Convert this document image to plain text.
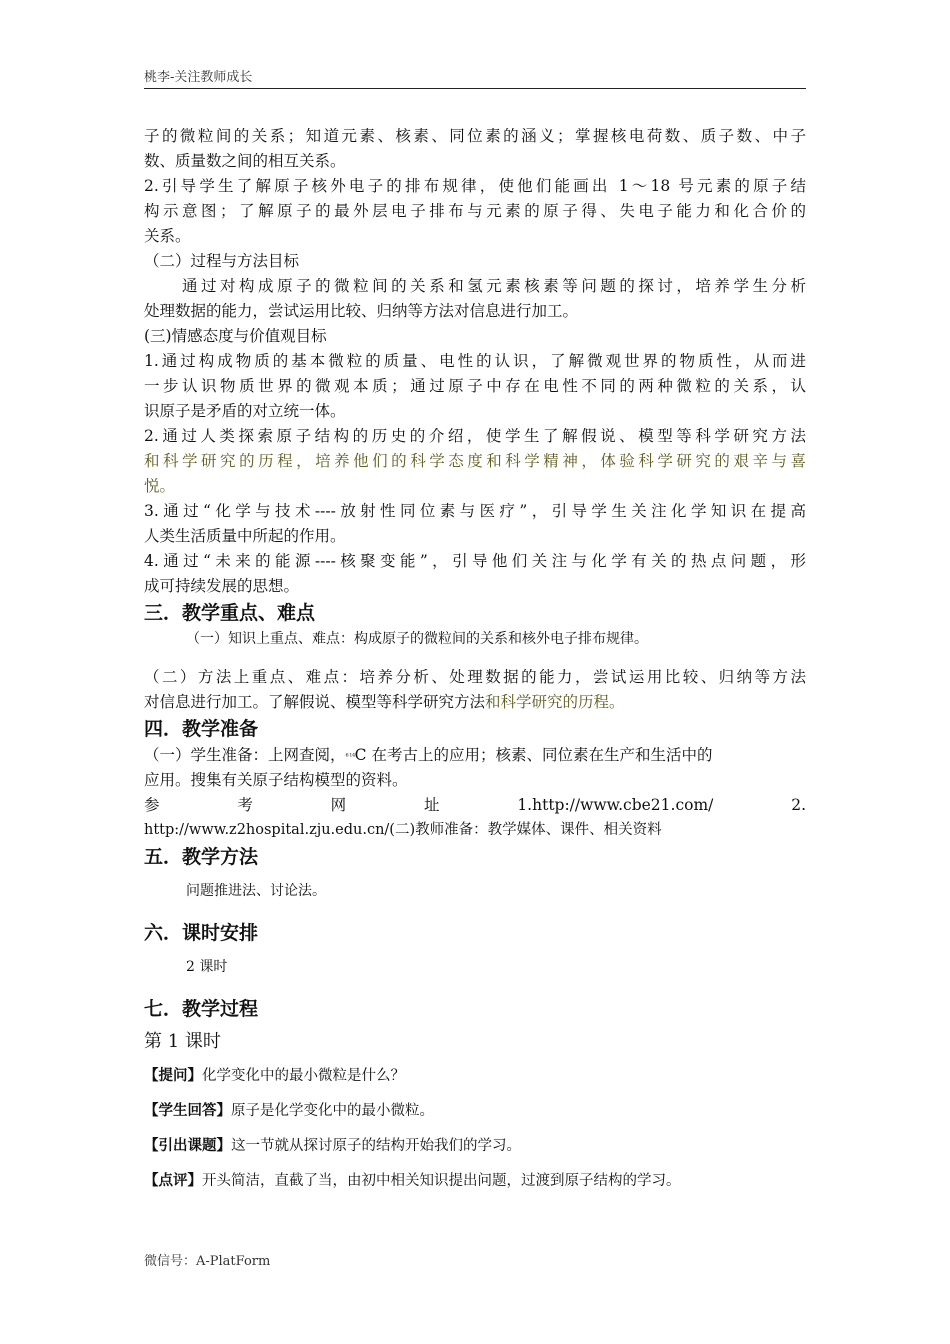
桃李-关注教师成长
子的微粒间的关系；知道元素、核素、同位素的涵义；掌握核电荷数、质子数、中子
数、质量数之间的相互关系。
2.引导学生了解原子核外电子的排布规律，使他们能画出 1～18 号元素的原子结
构示意图；了解原子的最外层电子排布与元素的原子得、失电子能力和化合价的
关系。
（二）过程与方法目标
通过对构成原子的微粒间的关系和氢元素核素等问题的探讨，培养学生分析
处理数据的能力，尝试运用比较、归纳等方法对信息进行加工。
(三)情感态度与价值观目标
1.通过构成物质的基本微粒的质量、电性的认识，了解微观世界的物质性，从而进
一步认识物质世界的微观本质；通过原子中存在电性不同的两种微粒的关系，认
识原子是矛盾的对立统一体。
2.通过人类探索原子结构的历史的介绍，使学生了解假说、模型等科学研究方法
和科学研究的历程，培养他们的科学态度和科学精神，体验科学研究的艰辛与喜
悦。
3.通过“化学与技术----放射性同位素与医疗”，引导学生关注化学知识在提高
人类生活质量中所起的作用。
4.通过“未来的能源----核聚变能”，引导他们关注与化学有关的热点问题，形
成可持续发展的思想。
三．教学重点、难点
（一）知识上重点、难点：构成原子的微粒间的关系和核外电子排布规律。
（二）方法上重点、难点：培养分析、处理数据的能力，尝试运用比较、归纳等方法
对信息进行加工。了解假说、模型等科学研究方法和科学研究的历程。
四．教学准备
（一）学生准备：上网查阅，6 14C 在考古上的应用；核素、同位素在生产和生活中的
应用。搜集有关原子结构模型的资料。
参	考	网	址	1.http://www.cbe21.com/	2.
http://www.z2hospital.zju.edu.cn/(二)教师准备：教学媒体、课件、相关资料
五．教学方法
问题推进法、讨论法。
六．课时安排
2 课时
七．教学过程
第 1 课时
【提问】化学变化中的最小微粒是什么？
【学生回答】原子是化学变化中的最小微粒。
【引出课题】这一节就从探讨原子的结构开始我们的学习。
【点评】开头简洁，直截了当，由初中相关知识提出问题，过渡到原子结构的学习。
微信号：A-PlatForm
